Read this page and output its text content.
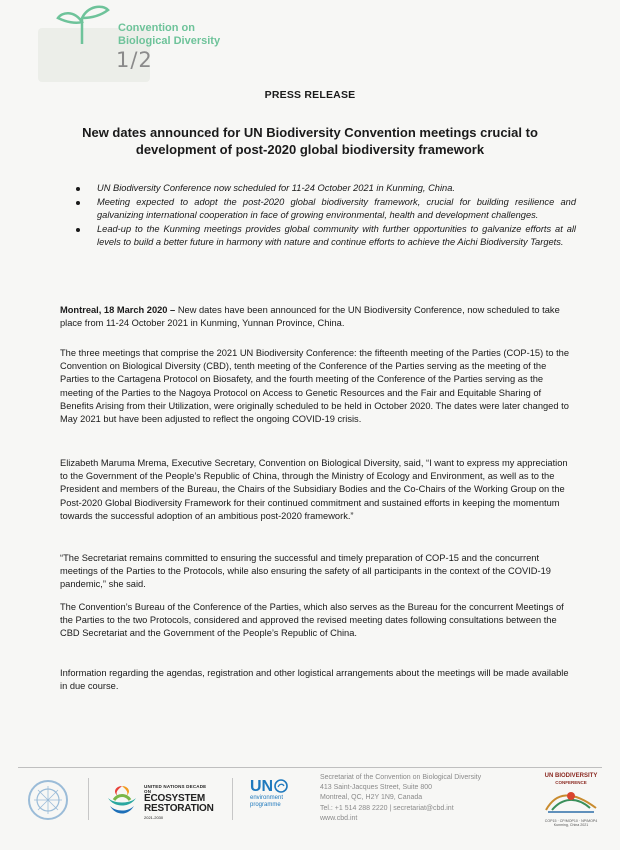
Convention on
Biological Diversity
1/2
PRESS RELEASE
New dates announced for UN Biodiversity Convention meetings crucial to
development of post-2020 global biodiversity framework
UN Biodiversity Conference now scheduled for 11-24 October 2021 in Kunming, China.
Meeting expected to adopt the post-2020 global biodiversity framework, crucial for building resilience and galvanizing international cooperation in face of growing environmental, health and development challenges.
Lead-up to the Kunming meetings provides global community with further opportunities to galvanize efforts at all levels to build a better future in harmony with nature and continue efforts to achieve the Aichi Biodiversity Targets.

Montreal, 18 March 2020 – New dates have been announced for the UN Biodiversity Conference, now scheduled to take place from 11-24 October 2021 in Kunming, Yunnan Province, China.

The three meetings that comprise the 2021 UN Biodiversity Conference: the fifteenth meeting of the Parties (COP-15) to the Convention on Biological Diversity (CBD), tenth meeting of the Conference of the Parties serving as the meeting of the Parties to the Cartagena Protocol on Biosafety, and the fourth meeting of the Conference of the Parties serving as the meeting of the Parties to the Nagoya Protocol on Access to Genetic Resources and the Fair and Equitable Sharing of Benefits Arising from their Utilization, were originally scheduled to be held in October 2020. The dates were later changed to May 2021 but have been adjusted to reflect the ongoing COVID-19 crisis.

Elizabeth Maruma Mrema, Executive Secretary, Convention on Biological Diversity, said, “I want to express my appreciation to the Government of the People’s Republic of China, through the Ministry of Ecology and Environment, as well as to the President and members of the Bureau, the Chairs of the Subsidiary Bodies and the Co-Chairs of the Working Group on the Post-2020 Global Biodiversity Framework for their continued commitment and sustained efforts in keeping the momentum towards the successful adoption of an ambitious post-2020 framework.”

“The Secretariat remains committed to ensuring the successful and timely preparation of COP-15 and the concurrent meetings of the Parties to the Protocols, while also ensuring the safety of all participants in the context of the COVID-19 pandemic,” she said.

The Convention’s Bureau of the Conference of the Parties, which also serves as the Bureau for the concurrent Meetings of the Parties to the two Protocols, considered and approved the revised meeting dates following consultations between the CBD Secretariat and the Government of the People’s Republic of China.

Information regarding the agendas, registration and other logistical arrangements about the meetings will be made available in due course.

UNITED NATIONS DECADE ON
ECOSYSTEM
RESTORATION
2021-2030
UN
environment
programme
Secretariat of the Convention on Biological Diversity
413 Saint-Jacques Street, Suite 800
Montreal, QC, H2Y 1N9, Canada
Tel.: +1 514 288 2220 | secretariat@cbd.int
www.cbd.int
UN BIODIVERSITY
CONFERENCE
COP15 · CP/MOP10 · NP/MOP4
Kunming, China 2021
